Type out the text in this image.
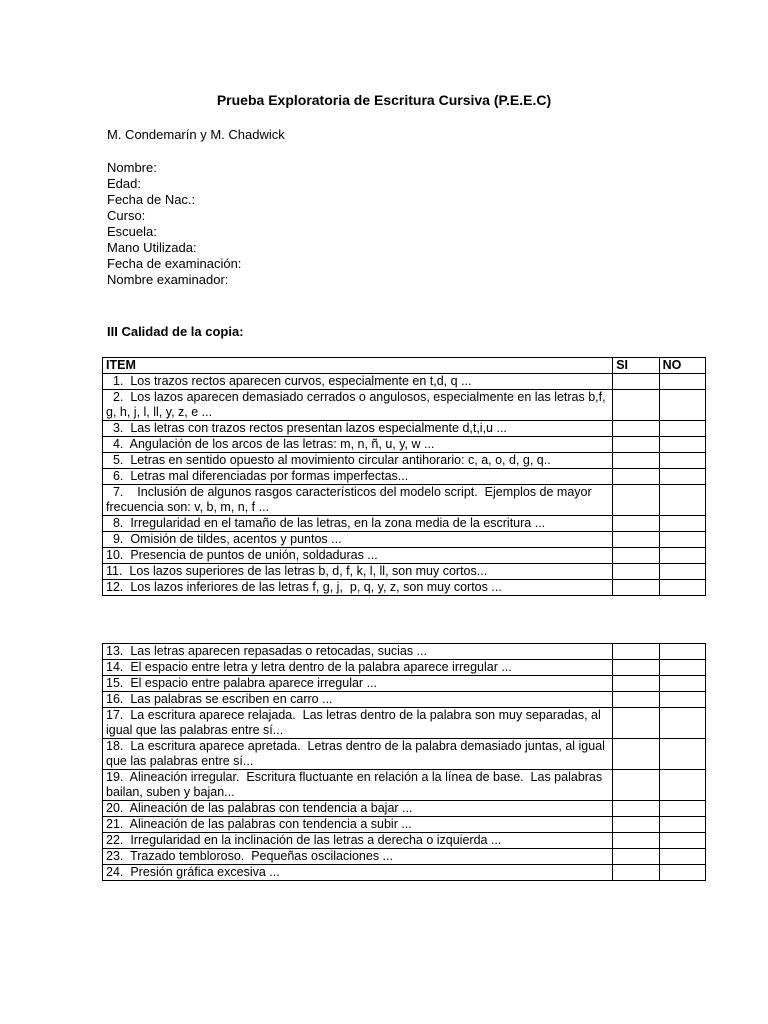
Prueba Exploratoria de Escritura Cursiva (P.E.E.C)
M. Condemarín y M. Chadwick
Nombre:
Edad:
Fecha de Nac.:
Curso:
Escuela:
Mano Utilizada:
Fecha de examinación:
Nombre examinador:
III Calidad de la copia:
ITEM	SI	NO
1.  Los trazos rectos aparecen curvos, especialmente en t,d, q ...		
2.  Los lazos aparecen demasiado cerrados o angulosos, especialmente en las letras b,f, g, h, j, l, ll, y, z, e ...		
3.  Las letras con trazos rectos presentan lazos especialmente d,t,i,u ...		
4.  Angulación de los arcos de las letras: m, n, ñ, u, y, w ...		
5.  Letras en sentido opuesto al movimiento circular antihorario: c, a, o, d, g, q..		
6.  Letras mal diferenciadas por formas imperfectas...		
7.    Inclusión de algunos rasgos característicos del modelo script.  Ejemplos de mayor frecuencia son: v, b, m, n, f ...		
8.  Irregularidad en el tamaño de las letras, en la zona media de la escritura ...		
9.  Omisión de tildes, acentos y puntos ...		
10.  Presencia de puntos de unión, soldaduras ...		
11.  Los lazos superiores de las letras b, d, f, k, l, ll, son muy cortos...		
12.  Los lazos inferiores de las letras f, g, j,  p, q, y, z, son muy cortos ...		
13.  Las letras aparecen repasadas o retocadas, sucias ...		
14.  El espacio entre letra y letra dentro de la palabra aparece irregular ...		
15.  El espacio entre palabra aparece irregular ...		
16.  Las palabras se escriben en carro ...		
17.  La escritura aparece relajada.  Las letras dentro de la palabra son muy separadas, al igual que las palabras entre sí...		
18.  La escritura aparece apretada.  Letras dentro de la palabra demasiado juntas, al igual que las palabras entre sí...		
19.  Alineación irregular.  Escritura fluctuante en relación a la línea de base.  Las palabras bailan, suben y bajan...		
20.  Alineación de las palabras con tendencia a bajar ...		
21.  Alineación de las palabras con tendencia a subir ...		
22.  Irregularidad en la inclinación de las letras a derecha o izquierda ...		
23.  Trazado tembloroso.  Pequeñas oscilaciones ...		
24.  Presión gráfica excesiva ...		
